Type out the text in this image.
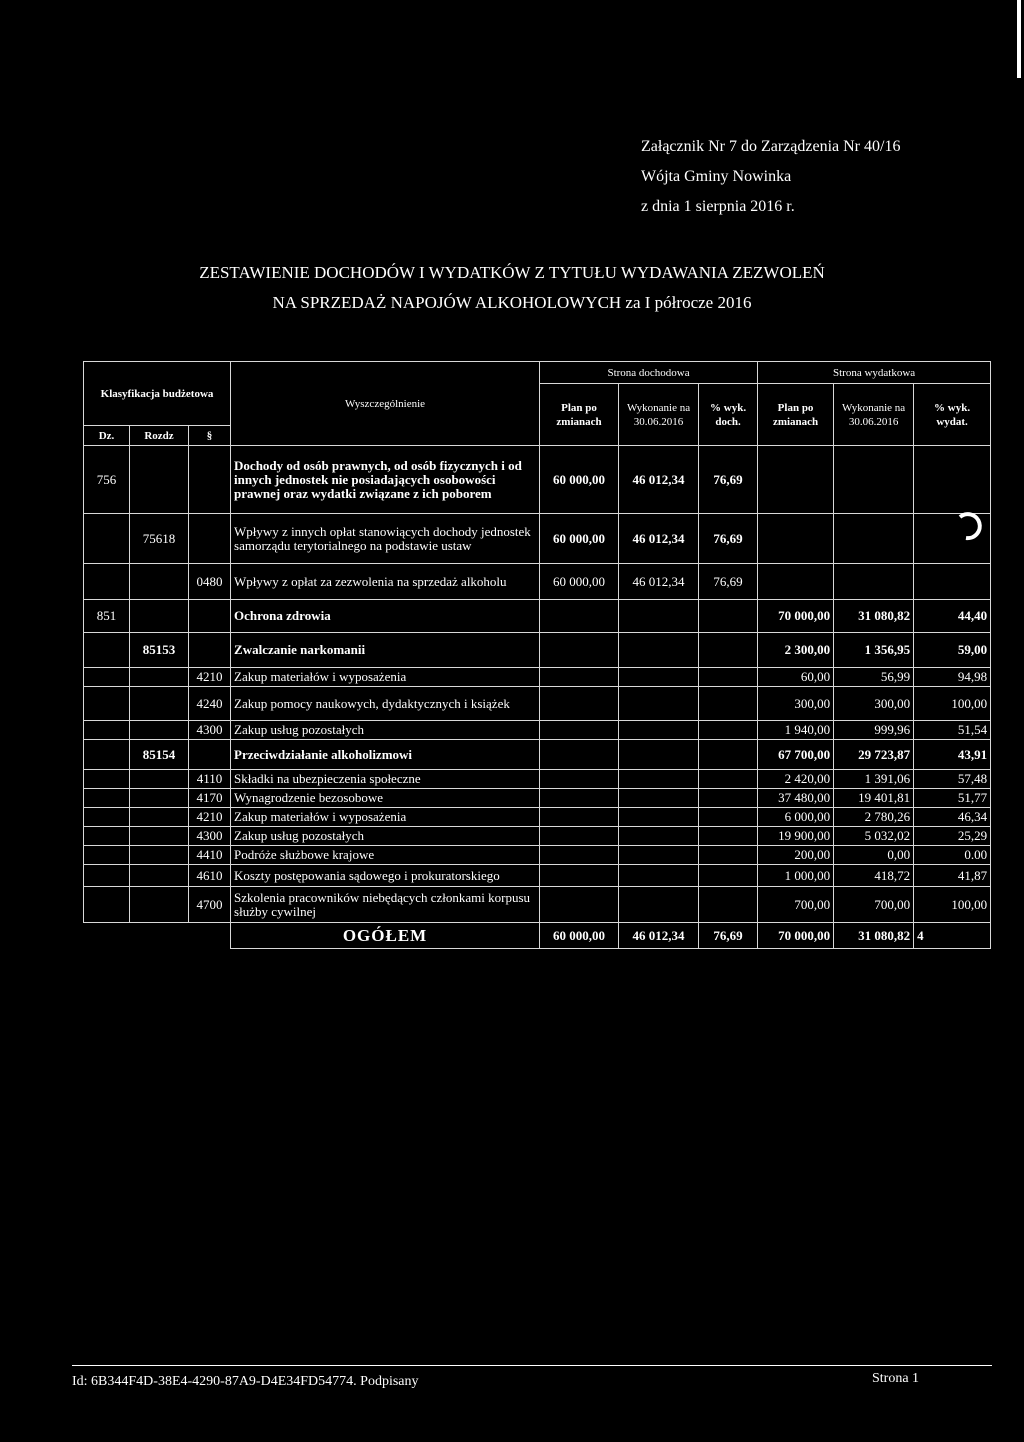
Załącznik Nr 7 do Zarządzenia Nr 40/16
Wójta Gminy Nowinka
z dnia 1 sierpnia 2016 r.
ZESTAWIENIE DOCHODÓW I WYDATKÓW Z TYTUŁU WYDAWANIA ZEZWOLEŃ
NA SPRZEDAŻ NAPOJÓW ALKOHOLOWYCH za I półrocze 2016
Klasyfikacja budżetowa			Wyszczególnienie	Strona dochodowa			Strona wydatkowa		
				Plan po zmianach	Wykonanie na 30.06.2016	% wyk. doch.	Plan po zmianach	Wykonanie na 30.06.2016	% wyk. wydat.
Dz.	Rozdz	§							
756			Dochody od osób prawnych, od osób fizycznych i od innych jednostek nie posiadających osobowości prawnej oraz wydatki związane z ich poborem	60 000,00	46 012,34	76,69			
	75618		Wpływy z innych opłat stanowiących dochody jednostek samorządu terytorialnego na podstawie ustaw	60 000,00	46 012,34	76,69			
		0480	Wpływy z opłat za zezwolenia na sprzedaż alkoholu	60 000,00	46 012,34	76,69			
851			Ochrona zdrowia				70 000,00	31 080,82	44,40
	85153		Zwalczanie narkomanii				2 300,00	1 356,95	59,00
		4210	Zakup materiałów i wyposażenia				60,00	56,99	94,98
		4240	Zakup pomocy naukowych, dydaktycznych i książek				300,00	300,00	100,00
		4300	Zakup usług pozostałych				1 940,00	999,96	51,54
	85154		Przeciwdziałanie alkoholizmowi				67 700,00	29 723,87	43,91
		4110	Składki na ubezpieczenia społeczne				2 420,00	1 391,06	57,48
		4170	Wynagrodzenie bezosobowe				37 480,00	19 401,81	51,77
		4210	Zakup materiałów i wyposażenia				6 000,00	2 780,26	46,34
		4300	Zakup usług pozostałych				19 900,00	5 032,02	25,29
		4410	Podróże służbowe krajowe				200,00	0,00	0.00
		4610	Koszty postępowania sądowego i prokuratorskiego				1 000,00	418,72	41,87
		4700	Szkolenia pracowników niebędących członkami korpusu służby cywilnej				700,00	700,00	100,00
			OGÓŁEM	60 000,00	46 012,34	76,69	70 000,00	31 080,82	4
Id: 6B344F4D-38E4-4290-87A9-D4E34FD54774. Podpisany	Strona 1
